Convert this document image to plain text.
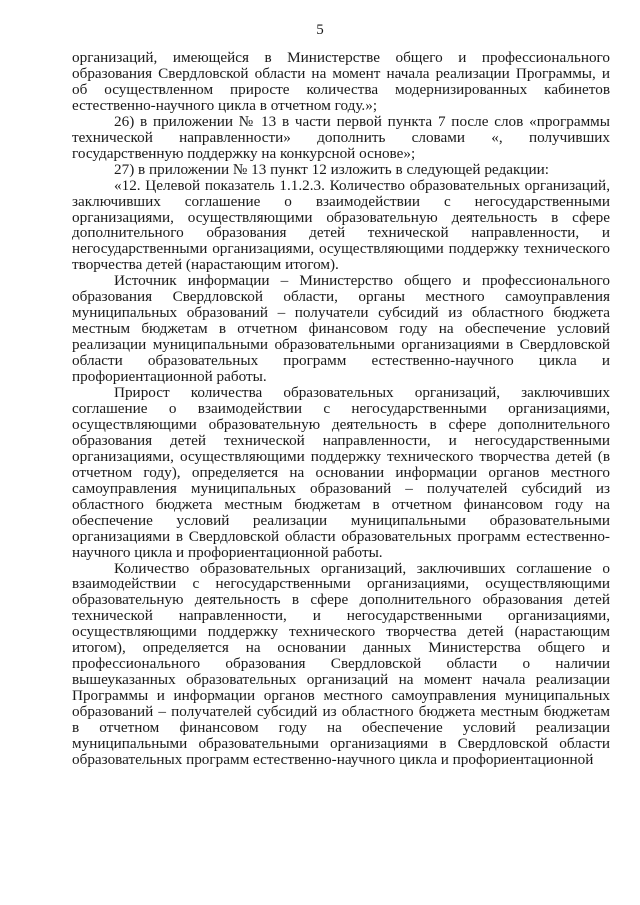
5

организаций, имеющейся в Министерстве общего и профессионального образования Свердловской области на момент начала реализации Программы, и об осуществленном приросте количества модернизированных кабинетов естественно-научного цикла в отчетном году.»;

26) в приложении № 13 в части первой пункта 7 после слов «программы технической направленности» дополнить словами «, получивших государственную поддержку на конкурсной основе»;

27) в приложении № 13 пункт 12 изложить в следующей редакции:

«12. Целевой показатель 1.1.2.3. Количество образовательных организаций, заключивших соглашение о взаимодействии с негосударственными организациями, осуществляющими образовательную деятельность в сфере дополнительного образования детей технической направленности, и негосударственными организациями, осуществляющими поддержку технического творчества детей (нарастающим итогом).

Источник информации – Министерство общего и профессионального образования Свердловской области, органы местного самоуправления муниципальных образований – получатели субсидий из областного бюджета местным бюджетам в отчетном финансовом году на обеспечение условий реализации муниципальными образовательными организациями в Свердловской области образовательных программ естественно-научного цикла и профориентационной работы.

Прирост количества образовательных организаций, заключивших соглашение о взаимодействии с негосударственными организациями, осуществляющими образовательную деятельность в сфере дополнительного образования детей технической направленности, и негосударственными организациями, осуществляющими поддержку технического творчества детей (в отчетном году), определяется на основании информации органов местного самоуправления муниципальных образований – получателей субсидий из областного бюджета местным бюджетам в отчетном финансовом году на обеспечение условий реализации муниципальными образовательными организациями в Свердловской области образовательных программ естественно-научного цикла и профориентационной работы.

Количество образовательных организаций, заключивших соглашение о взаимодействии с негосударственными организациями, осуществляющими образовательную деятельность в сфере дополнительного образования детей технической направленности, и негосударственными организациями, осуществляющими поддержку технического творчества детей (нарастающим итогом), определяется на основании данных Министерства общего и профессионального образования Свердловской области о наличии вышеуказанных образовательных организаций на момент начала реализации Программы и информации органов местного самоуправления муниципальных образований – получателей субсидий из областного бюджета местным бюджетам в отчетном финансовом году на обеспечение условий реализации муниципальными образовательными организациями в Свердловской области образовательных программ естественно-научного цикла и профориентационной
